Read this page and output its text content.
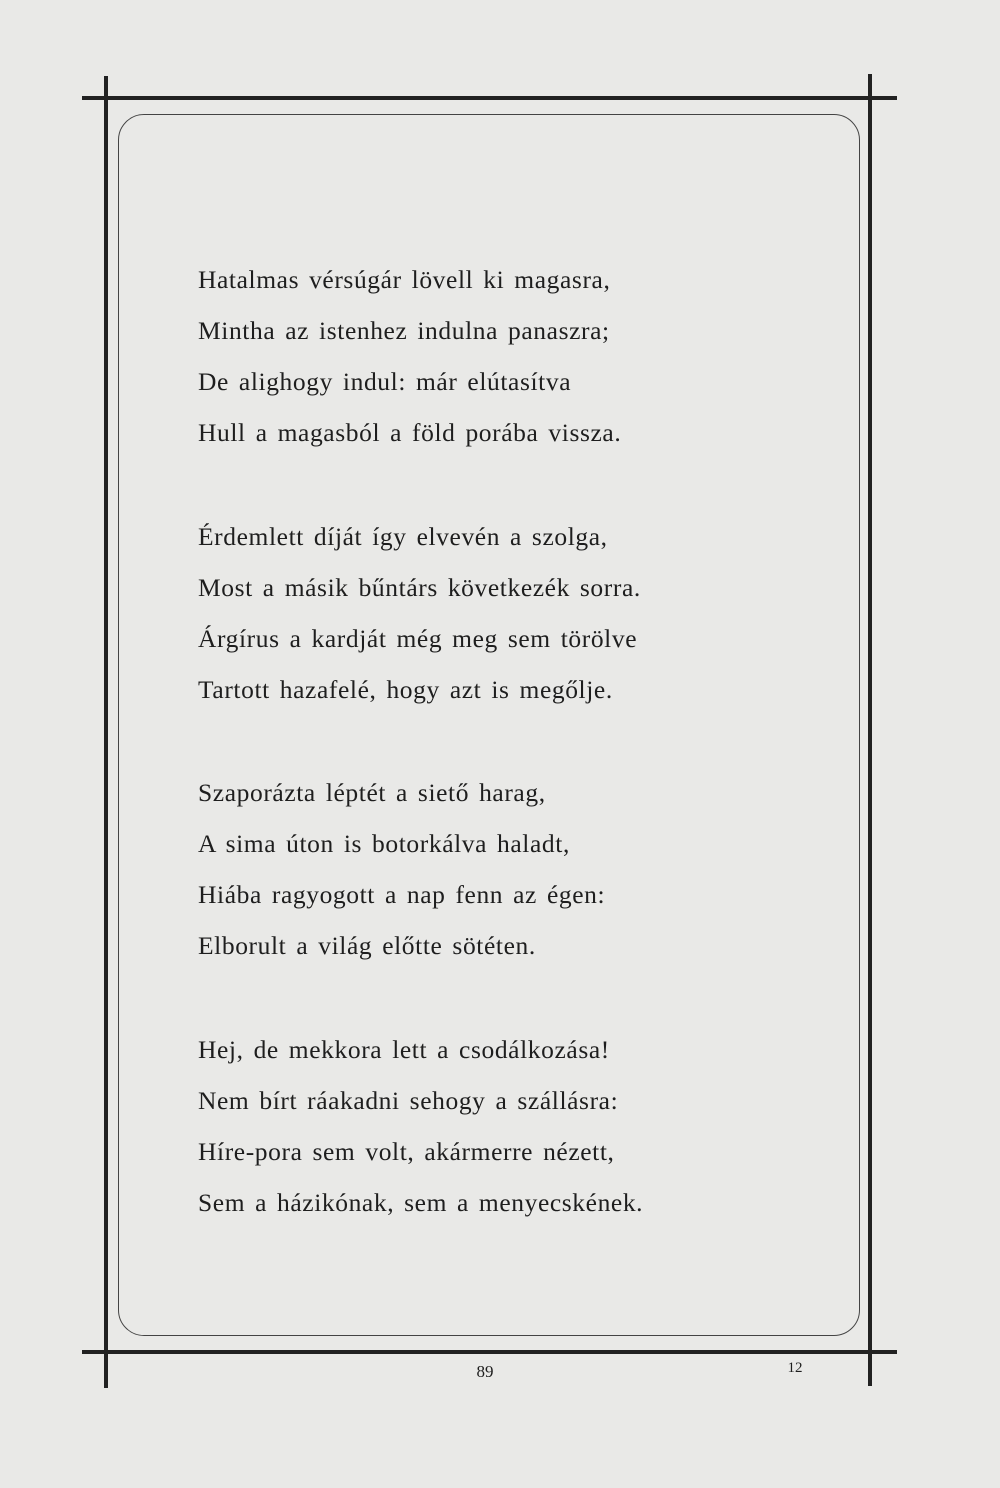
Hatalmas vérsúgár lövell ki magasra,
Mintha az istenhez indulna panaszra;
De alighogy indul: már elútasítva
Hull a magasból a föld porába vissza.
Érdemlett díját így elvevén a szolga,
Most a másik bűntárs következék sorra.
Árgírus a kardját még meg sem törölve
Tartott hazafelé, hogy azt is megőlje.
Szaporázta léptét a siető harag,
A sima úton is botorkálva haladt,
Hiába ragyogott a nap fenn az égen:
Elborult a világ előtte sötéten.
Hej, de mekkora lett a csodálkozása!
Nem bírt ráakadni sehogy a szállásra:
Híre-pora sem volt, akármerre nézett,
Sem a házikónak, sem a menyecskének.
89	12
